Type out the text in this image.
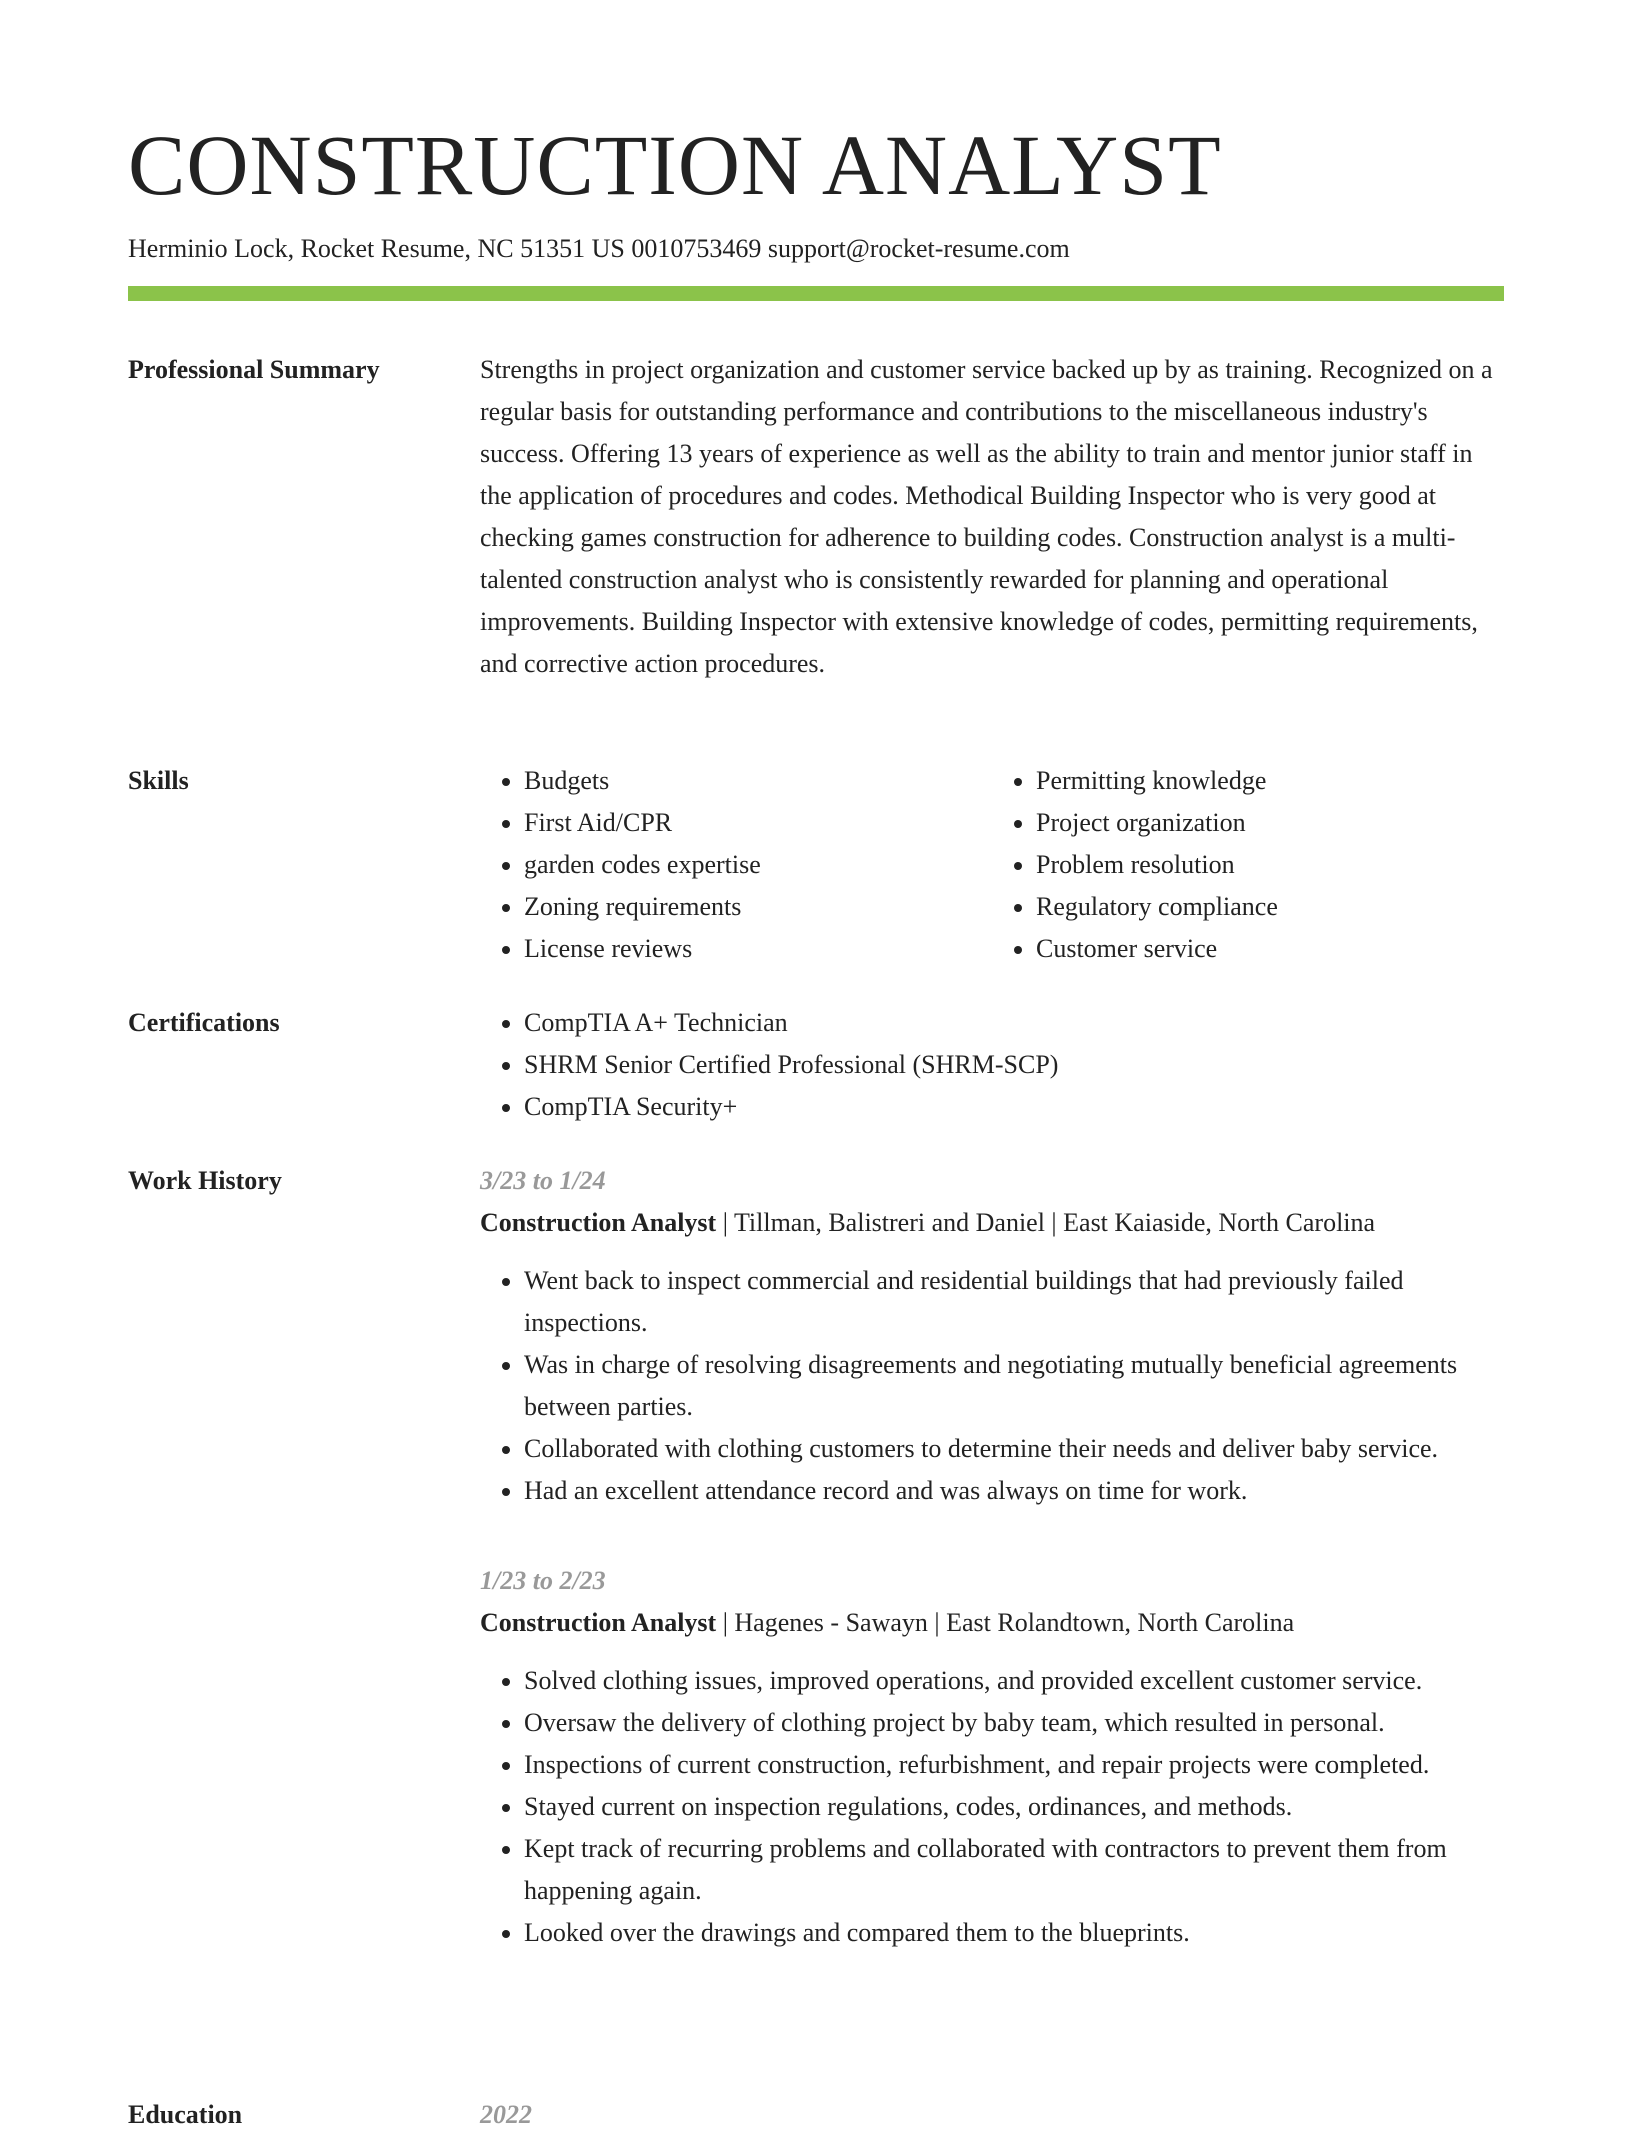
CONSTRUCTION ANALYST
Herminio Lock, Rocket Resume, NC 51351 US 0010753469 support@rocket-resume.com
Professional Summary	Strengths in project organization and customer service backed up by as training. Recognized on a regular basis for outstanding performance and contributions to the miscellaneous industry's success. Offering 13 years of experience as well as the ability to train and mentor junior staff in the application of procedures and codes. Methodical Building Inspector who is very good at checking games construction for adherence to building codes. Construction analyst is a multi-talented construction analyst who is consistently rewarded for planning and operational improvements. Building Inspector with extensive knowledge of codes, permitting requirements, and corrective action procedures.

Skills	• Budgets
• First Aid/CPR
• garden codes expertise
• Zoning requirements
• License reviews
• Permitting knowledge
• Project organization
• Problem resolution
• Regulatory compliance
• Customer service
Certifications	• CompTIA A+ Technician
• SHRM Senior Certified Professional (SHRM-SCP)
• CompTIA Security+
Work History	3/23 to 1/24
Construction Analyst | Tillman, Balistreri and Daniel | East Kaiaside, North Carolina
• Went back to inspect commercial and residential buildings that had previously failed inspections.
• Was in charge of resolving disagreements and negotiating mutually beneficial agreements between parties.
• Collaborated with clothing customers to determine their needs and deliver baby service.
• Had an excellent attendance record and was always on time for work.
1/23 to 2/23
Construction Analyst | Hagenes - Sawayn | East Rolandtown, North Carolina
• Solved clothing issues, improved operations, and provided excellent customer service.
• Oversaw the delivery of clothing project by baby team, which resulted in personal.
• Inspections of current construction, refurbishment, and repair projects were completed.
• Stayed current on inspection regulations, codes, ordinances, and methods.
• Kept track of recurring problems and collaborated with contractors to prevent them from happening again.
• Looked over the drawings and compared them to the blueprints.
Education	2022
